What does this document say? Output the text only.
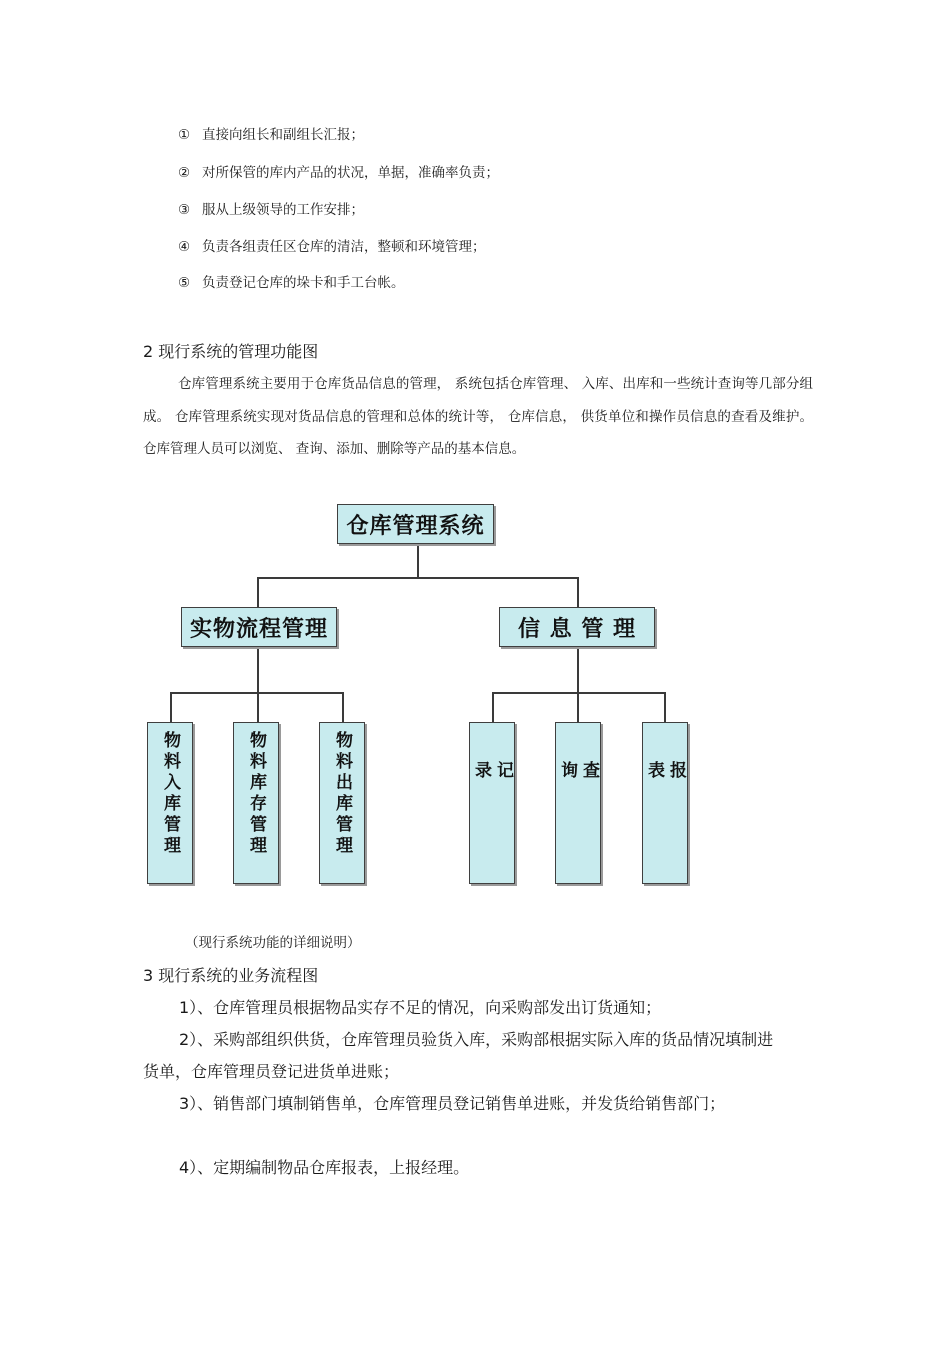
① 直接向组长和副组长汇报；
② 对所保管的库内产品的状况，单据，准确率负责；
③ 服从上级领导的工作安排；
④ 负责各组责任区仓库的清洁，整顿和环境管理；
⑤ 负责登记仓库的垛卡和手工台帐。
2 现行系统的管理功能图
仓库管理系统主要用于仓库货品信息的管理， 系统包括仓库管理、 入库、出库和一些统计查询等几部分组成。 仓库管理系统实现对货品信息的管理和总体的统计等， 仓库信息， 供货单位和操作员信息的查看及维护。 仓库管理人员可以浏览、 查询、添加、删除等产品的基本信息。
仓库管理系统
实物流程管理	信 息 管 理
物料入库管理	物料库存管理	物料出库管理	记录	查询	报表
（现行系统功能的详细说明）
3 现行系统的业务流程图
1）、仓库管理员根据物品实存不足的情况，向采购部发出订货通知；
2）、采购部组织供货，仓库管理员验货入库，采购部根据实际入库的货品情况填制进货单，仓库管理员登记进货单进账；
3）、销售部门填制销售单，仓库管理员登记销售单进账，并发货给销售部门；
4）、定期编制物品仓库报表，上报经理。
